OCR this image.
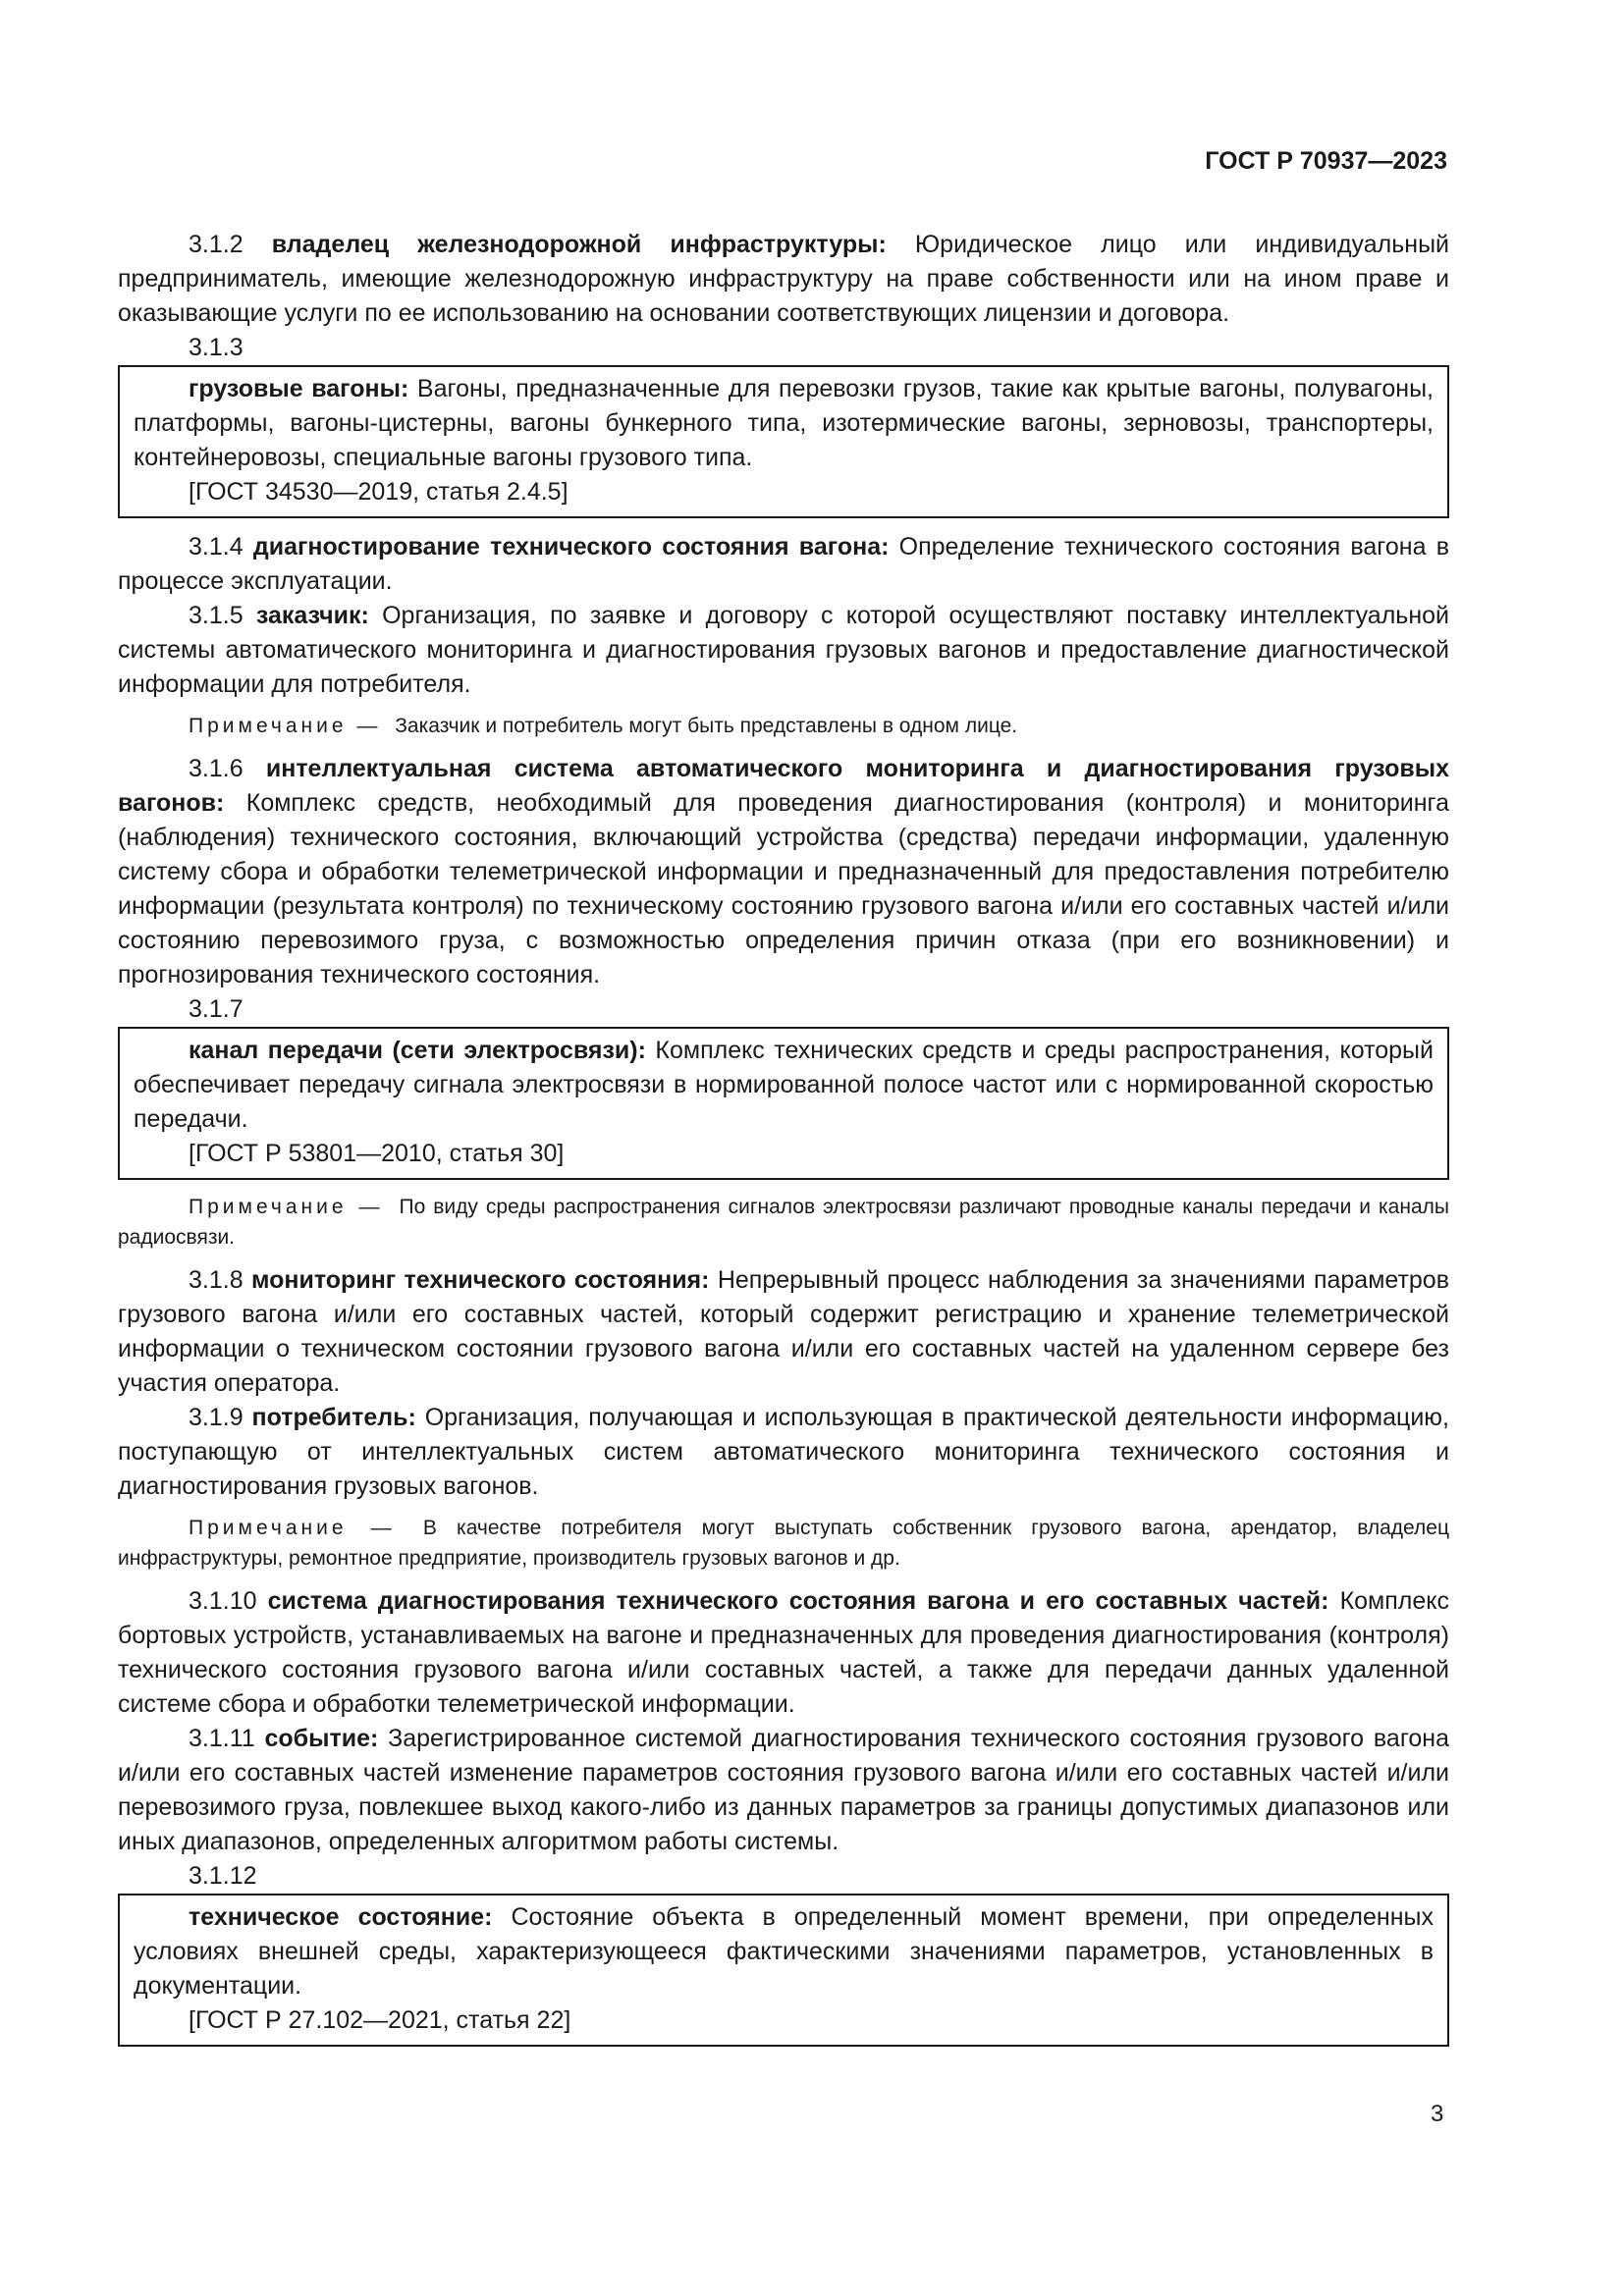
ГОСТ Р 70937—2023

3.1.2 владелец железнодорожной инфраструктуры: Юридическое лицо или индивидуальный предприниматель, имеющие железнодорожную инфраструктуру на праве собственности или на ином праве и оказывающие услуги по ее использованию на основании соответствующих лицензии и договора.

3.1.3

грузовые вагоны: Вагоны, предназначенные для перевозки грузов, такие как крытые вагоны, полувагоны, платформы, вагоны-цистерны, вагоны бункерного типа, изотермические вагоны, зерновозы, транспортеры, контейнеровозы, специальные вагоны грузового типа.

[ГОСТ 34530—2019, статья 2.4.5]

3.1.4 диагностирование технического состояния вагона: Определение технического состояния вагона в процессе эксплуатации.

3.1.5 заказчик: Организация, по заявке и договору с которой осуществляют поставку интеллектуальной системы автоматического мониторинга и диагностирования грузовых вагонов и предоставление диагностической информации для потребителя.

Примечание — Заказчик и потребитель могут быть представлены в одном лице.

3.1.6 интеллектуальная система автоматического мониторинга и диагностирования грузовых вагонов: Комплекс средств, необходимый для проведения диагностирования (контроля) и мониторинга (наблюдения) технического состояния, включающий устройства (средства) передачи информации, удаленную систему сбора и обработки телеметрической информации и предназначенный для предоставления потребителю информации (результата контроля) по техническому состоянию грузового вагона и/или его составных частей и/или состоянию перевозимого груза, с возможностью определения причин отказа (при его возникновении) и прогнозирования технического состояния.

3.1.7

канал передачи (сети электросвязи): Комплекс технических средств и среды распространения, который обеспечивает передачу сигнала электросвязи в нормированной полосе частот или с нормированной скоростью передачи.

[ГОСТ Р 53801—2010, статья 30]

Примечание — По виду среды распространения сигналов электросвязи различают проводные каналы передачи и каналы радиосвязи.

3.1.8 мониторинг технического состояния: Непрерывный процесс наблюдения за значениями параметров грузового вагона и/или его составных частей, который содержит регистрацию и хранение телеметрической информации о техническом состоянии грузового вагона и/или его составных частей на удаленном сервере без участия оператора.

3.1.9 потребитель: Организация, получающая и использующая в практической деятельности информацию, поступающую от интеллектуальных систем автоматического мониторинга технического состояния и диагностирования грузовых вагонов.

Примечание — В качестве потребителя могут выступать собственник грузового вагона, арендатор, владелец инфраструктуры, ремонтное предприятие, производитель грузовых вагонов и др.

3.1.10 система диагностирования технического состояния вагона и его составных частей: Комплекс бортовых устройств, устанавливаемых на вагоне и предназначенных для проведения диагностирования (контроля) технического состояния грузового вагона и/или составных частей, а также для передачи данных удаленной системе сбора и обработки телеметрической информации.

3.1.11 событие: Зарегистрированное системой диагностирования технического состояния грузового вагона и/или его составных частей изменение параметров состояния грузового вагона и/или его составных частей и/или перевозимого груза, повлекшее выход какого-либо из данных параметров за границы допустимых диапазонов или иных диапазонов, определенных алгоритмом работы системы.

3.1.12

техническое состояние: Состояние объекта в определенный момент времени, при определенных условиях внешней среды, характеризующееся фактическими значениями параметров, установленных в документации.

[ГОСТ Р 27.102—2021, статья 22]

3
